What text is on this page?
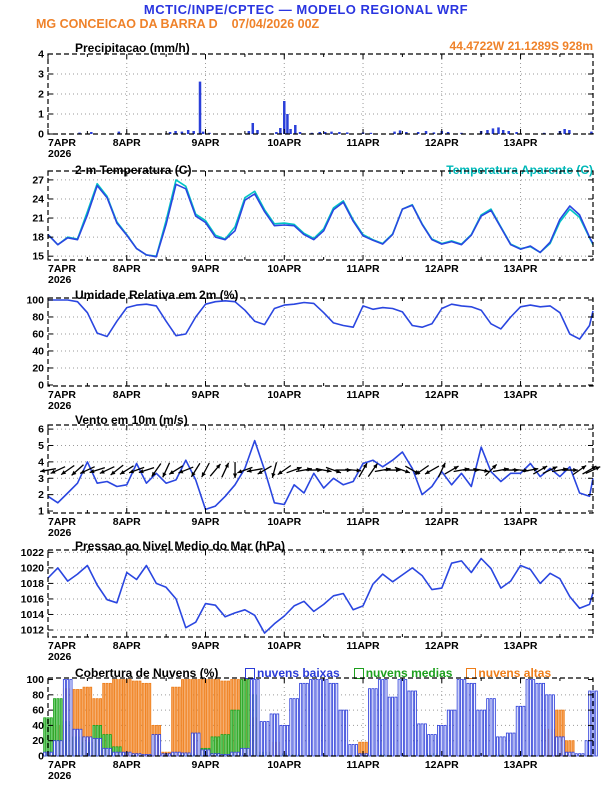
MCTIC/INPE/CPTEC — MODELO REGIONAL WRF
MG CONCEICAO DA BARRA D    07/04/2026 00Z
44.4722W 21.1289S 928m
Precipitacao (mm/h)
2-m Temperatura (C)	Temperatura Aparente (C)
Umidade Relativa em 2m (%)
Vento em 10m (m/s)
Pressao ao Nivel Medio do Mar (hPa)
Cobertura de Nuvens (%)	nuvens baixas nuvens medias nuvens altas
0
1
2
3
4
7APR
2026
8APR	9APR	10APR	11APR	12APR	13APR
15
18
21
24
27
7APR
2026
8APR	9APR	10APR	11APR	12APR	13APR
0
20
40
60
80
100
7APR
2026
8APR	9APR	10APR	11APR	12APR	13APR
1
2
3
4
5
6
7APR
2026
8APR	9APR	10APR	11APR	12APR	13APR
1012
1014
1016
1018
1020
1022
7APR
2026
8APR	9APR	10APR	11APR	12APR	13APR
0
20
40
60
80
100
7APR
2026
8APR	9APR	10APR	11APR	12APR	13APR
